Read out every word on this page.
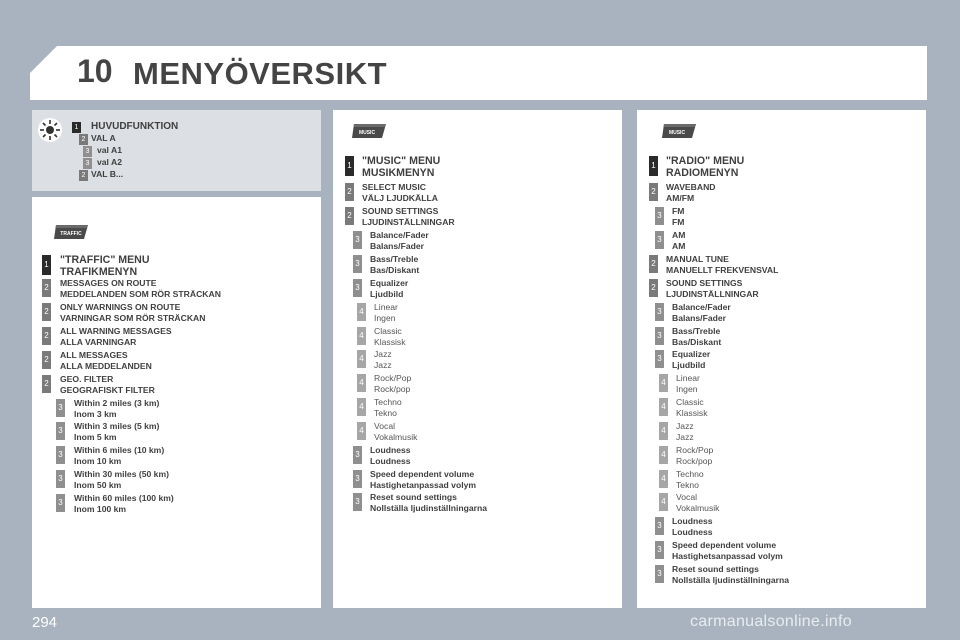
10 MENYÖVERSIKT
1 HUVUDFUNKTION
2 VAL A
3 val A1
3 val A2
2 VAL B...
TRAFFIC
MUSIC	MUSIC
1 "TRAFFIC" MENU
TRAFIKMENYN
2 MESSAGES ON ROUTE
MEDDELANDEN SOM RÖR STRÄCKAN
2 ONLY WARNINGS ON ROUTE
VARNINGAR SOM RÖR STRÄCKAN
2 ALL WARNING MESSAGES
ALLA VARNINGAR
2 ALL MESSAGES
ALLA MEDDELANDEN
2 GEO. FILTER
GEOGRAFISKT FILTER
3 Within 2 miles (3 km)
Inom 3 km
3 Within 3 miles (5 km)
Inom 5 km
3 Within 6 miles (10 km)
Inom 10 km
3 Within 30 miles (50 km)
Inom 50 km
3 Within 60 miles (100 km)
Inom 100 km
1 "MUSIC" MENU
MUSIKMENYN
2 SELECT MUSIC
VÄLJ LJUDKÄLLA
2 SOUND SETTINGS
LJUDINSTÄLLNINGAR
3 Balance/Fader
Balans/Fader
3 Bass/Treble
Bas/Diskant
3 Equalizer
Ljudbild
4 Linear
Ingen
4 Classic
Klassisk
4 Jazz
Jazz
4 Rock/Pop
Rock/pop
4 Techno
Tekno
4 Vocal
Vokalmusik
3 Loudness
Loudness
3 Speed dependent volume
Hastighetanpassad volym
3 Reset sound settings
Nollställa ljudinställningarna
1 "RADIO" MENU
RADIOMENYN
2 WAVEBAND
AM/FM
3 FM
FM
3 AM
AM
2 MANUAL TUNE
MANUELLT FREKVENSVAL
2 SOUND SETTINGS
LJUDINSTÄLLNINGAR
3 Balance/Fader
Balans/Fader
3 Bass/Treble
Bas/Diskant
3 Equalizer
Ljudbild
4 Linear
Ingen
4 Classic
Klassisk
4 Jazz
Jazz
4 Rock/Pop
Rock/pop
4 Techno
Tekno
4 Vocal
Vokalmusik
3 Loudness
Loudness
3 Speed dependent volume
Hastighetsanpassad volym
3 Reset sound settings
Nollställa ljudinställningarna
294	carmanualsonline.info
